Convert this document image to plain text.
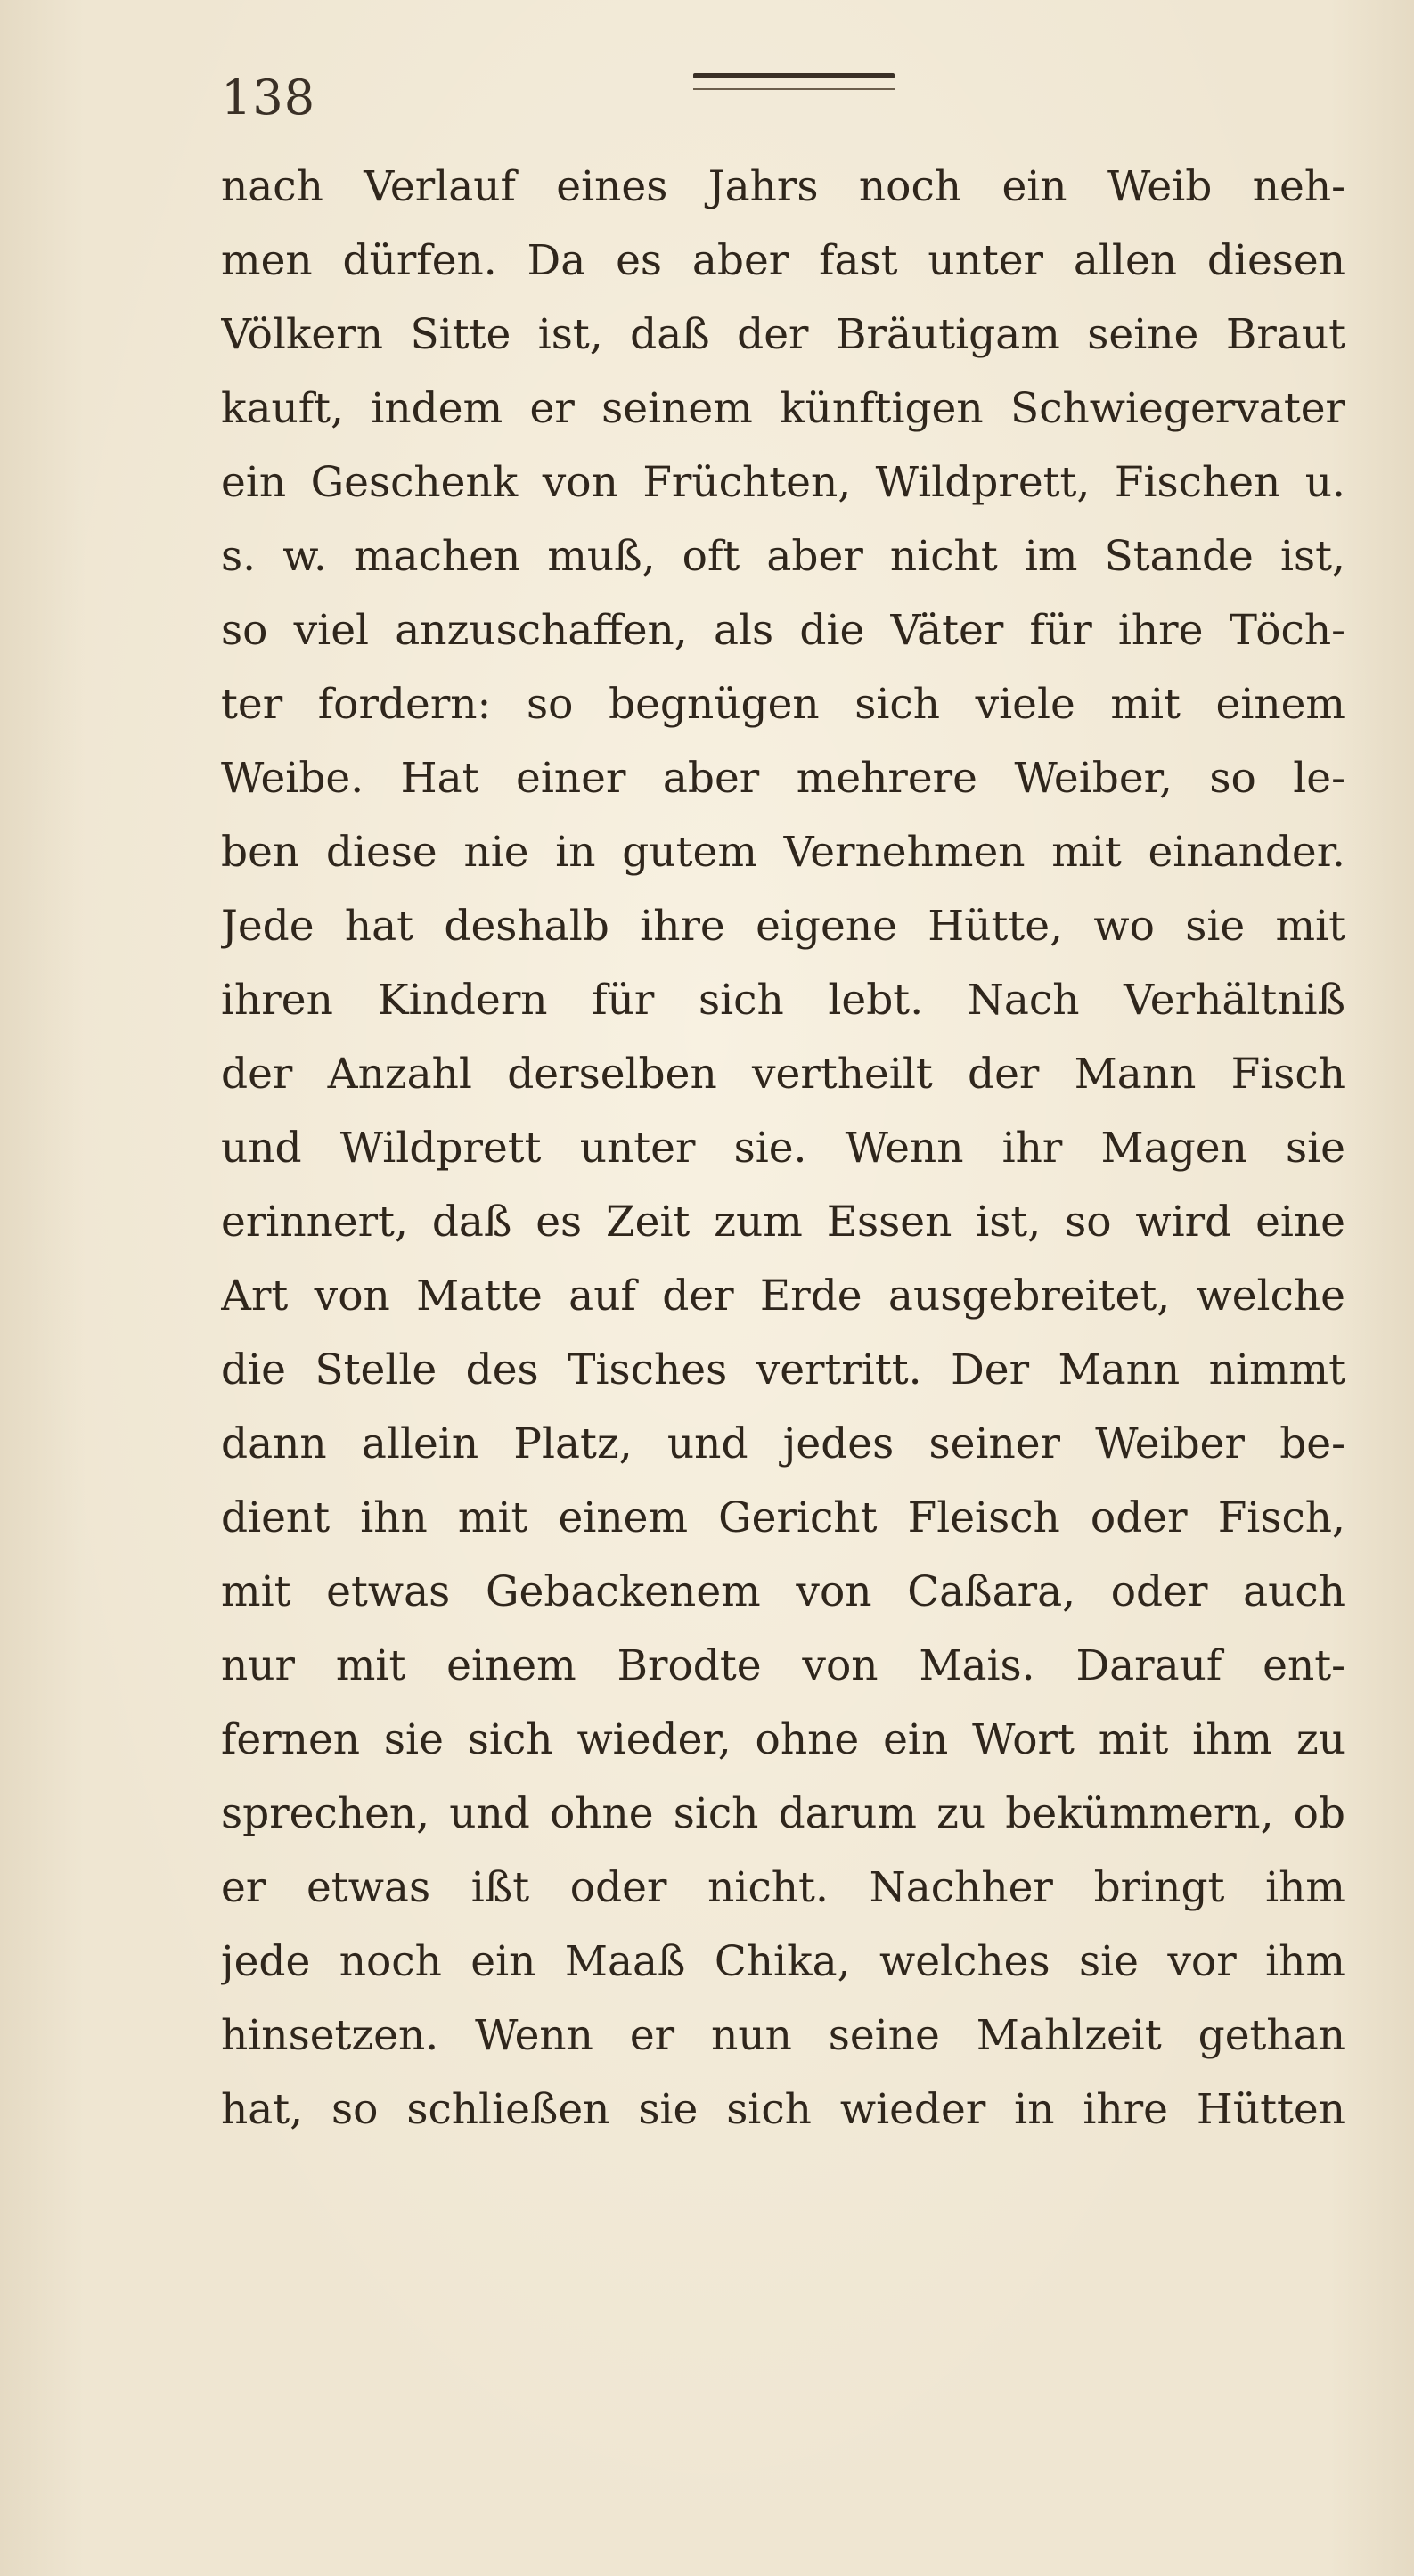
138
nach Verlauf eines Jahrs noch ein Weib neh-
men dürfen. Da es aber fast unter allen diesen
Völkern Sitte ist, daß der Bräutigam seine Braut
kauft, indem er seinem künftigen Schwiegervater
ein Geschenk von Früchten, Wildprett, Fischen u.
s. w. machen muß, oft aber nicht im Stande ist,
so viel anzuschaffen, als die Väter für ihre Töch-
ter fordern: so begnügen sich viele mit einem
Weibe. Hat einer aber mehrere Weiber, so le-
ben diese nie in gutem Vernehmen mit einander.
Jede hat deshalb ihre eigene Hütte, wo sie mit
ihren Kindern für sich lebt. Nach Verhältniß
der Anzahl derselben vertheilt der Mann Fisch
und Wildprett unter sie. Wenn ihr Magen sie
erinnert, daß es Zeit zum Essen ist, so wird eine
Art von Matte auf der Erde ausgebreitet, welche
die Stelle des Tisches vertritt. Der Mann nimmt
dann allein Platz, und jedes seiner Weiber be-
dient ihn mit einem Gericht Fleisch oder Fisch,
mit etwas Gebackenem von Caßara, oder auch
nur mit einem Brodte von Mais. Darauf ent-
fernen sie sich wieder, ohne ein Wort mit ihm zu
sprechen, und ohne sich darum zu bekümmern, ob
er etwas ißt oder nicht. Nachher bringt ihm
jede noch ein Maaß Chika, welches sie vor ihm
hinsetzen. Wenn er nun seine Mahlzeit gethan
hat, so schließen sie sich wieder in ihre Hütten
